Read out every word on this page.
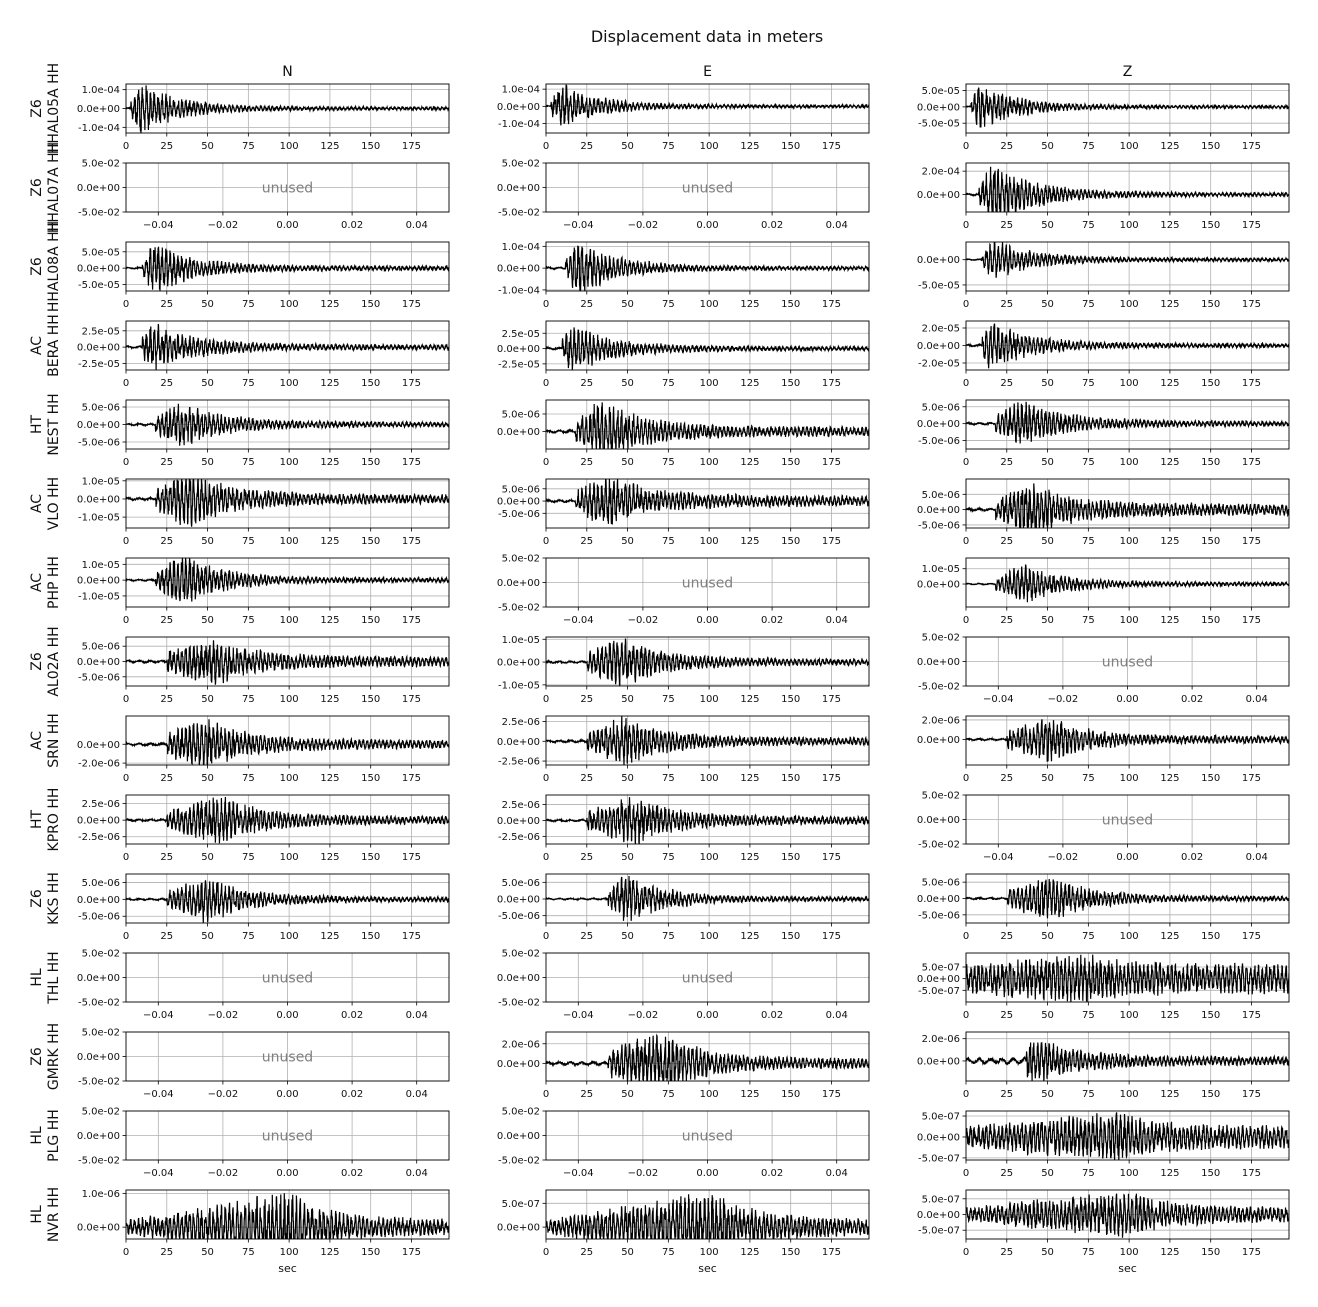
Displacement data in meters
N	E	Z
Z6 HHAL05A HH	0	25	50	75 100 125 150 175
1.0e-04
0.0e+00
-1.0e-04
0	25	50	75 100 125 150 175
1.0e-04
0.0e+00
-1.0e-04
0	25	50	75 100 125 150 175
5.0e-05
0.0e+00
-5.0e-05
Z6 HHAL07A HH	−0.04	−0.02	0.00	0.02	0.04
5.0e-02
0.0e+00
-5.0e-02
unused
−0.04	−0.02	0.00	0.02	0.04
5.0e-02
0.0e+00
-5.0e-02
unused
0	25	50	75 100 125 150 175
2.0e-04
0.0e+00
Z6 HHAL08A HH	0	25	50	75 100 125 150 175
5.0e-05
0.0e+00
-5.0e-05
0	25	50	75 100 125 150 175
1.0e-04
0.0e+00
-1.0e-04
0	25	50	75 100 125 150 175
0.0e+00
-5.0e-05
AC BERA HH
0	25	50	75 100 125 150 175
2.5e-05
0.0e+00
-2.5e-05
0	25	50	75 100 125 150 175
2.5e-05
0.0e+00
-2.5e-05
0	25	50	75 100 125 150 175
2.0e-05
0.0e+00
-2.0e-05
HT NEST HH
0	25	50	75 100 125 150 175
5.0e-06
0.0e+00
-5.0e-06
0	25	50	75 100 125 150 175
5.0e-06
0.0e+00
0	25	50	75 100 125 150 175
5.0e-06
0.0e+00
-5.0e-06
AC VLO HH
0	25	50	75 100 125 150 175
1.0e-05
0.0e+00
-1.0e-05
0	25	50	75 100 125 150 175
5.0e-06
0.0e+00
-5.0e-06
0	25	50	75 100 125 150 175
5.0e-06
0.0e+00
-5.0e-06
AC PHP HH
0	25	50	75 100 125 150 175
1.0e-05
0.0e+00
-1.0e-05
−0.04	−0.02	0.00	0.02	0.04
5.0e-02
0.0e+00
-5.0e-02
unused
0	25	50	75 100 125 150 175
1.0e-05
0.0e+00
Z6 AL02A HH
0	25	50	75 100 125 150 175
5.0e-06
0.0e+00
-5.0e-06
0	25	50	75 100 125 150 175
1.0e-05
0.0e+00
-1.0e-05
−0.04	−0.02	0.00	0.02	0.04
5.0e-02
0.0e+00
-5.0e-02
unused
AC SRN HH
0	25	50	75 100 125 150 175
0.0e+00
-2.0e-06
0	25	50	75 100 125 150 175
2.5e-06
0.0e+00
-2.5e-06
0	25	50	75 100 125 150 175
2.0e-06
0.0e+00
HT KPRO HH
0	25	50	75 100 125 150 175
2.5e-06
0.0e+00
-2.5e-06
0	25	50	75 100 125 150 175
2.5e-06
0.0e+00
-2.5e-06
−0.04	−0.02	0.00	0.02	0.04
5.0e-02
0.0e+00
-5.0e-02
unused
Z6 KKS HH
0	25	50	75 100 125 150 175
5.0e-06
0.0e+00
-5.0e-06
0	25	50	75 100 125 150 175
5.0e-06
0.0e+00
-5.0e-06
0	25	50	75 100 125 150 175
5.0e-06
0.0e+00
-5.0e-06
HL THL HH
−0.04	−0.02	0.00	0.02	0.04
5.0e-02
0.0e+00
-5.0e-02
unused
−0.04	−0.02	0.00	0.02	0.04
5.0e-02
0.0e+00
-5.0e-02
unused
0	25	50	75 100 125 150 175
5.0e-07
0.0e+00
-5.0e-07
Z6 GMRK HH
−0.04	−0.02	0.00	0.02	0.04
5.0e-02
0.0e+00
-5.0e-02
unused
0	25	50	75 100 125 150 175
2.0e-06
0.0e+00
0	25	50	75 100 125 150 175
2.0e-06
0.0e+00
HL PLG HH
−0.04	−0.02	0.00	0.02	0.04
5.0e-02
0.0e+00
-5.0e-02
unused
−0.04	−0.02	0.00	0.02	0.04
5.0e-02
0.0e+00
-5.0e-02
unused
0	25	50	75 100 125 150 175
5.0e-07
0.0e+00
-5.0e-07
HL NVR HH
0	25	50	75 100 125 150 175
1.0e-06
0.0e+00
sec
0	25	50	75 100 125 150 175
5.0e-07
0.0e+00
sec
0	25	50	75 100 125 150 175
5.0e-07
0.0e+00
-5.0e-07
sec
